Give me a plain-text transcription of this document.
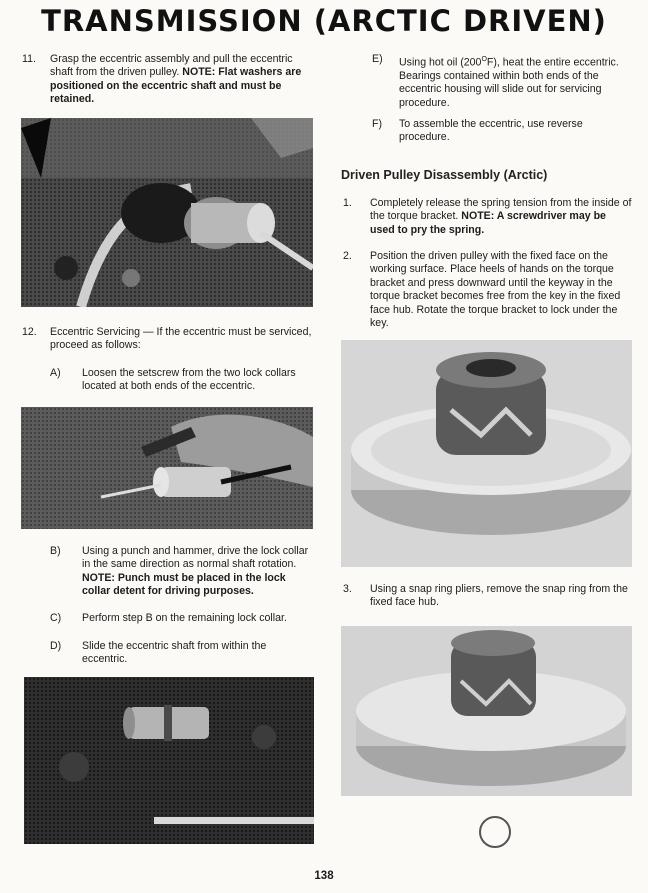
TRANSMISSION (ARCTIC DRIVEN)
11. Grasp the eccentric assembly and pull the eccentric shaft from the driven pulley. NOTE: Flat washers are positioned on the eccentric shaft and must be retained.
12. Eccentric Servicing — If the eccentric must be serviced, proceed as follows:
A) Loosen the setscrew from the two lock collars located at both ends of the eccentric.
B) Using a punch and hammer, drive the lock collar in the same direction as normal shaft rotation. NOTE: Punch must be placed in the lock collar detent for driving purposes.
C) Perform step B on the remaining lock collar.
D) Slide the eccentric shaft from within the eccentric.
E) Using hot oil $(200^OF)$, heat the entire eccentric. Bearings contained within both ends of the eccentric housing will slide out for servicing procedure.
F) To assemble the eccentric, use reverse procedure.
Driven Pulley Disassembly (Arctic)
1. Completely release the spring tension from the inside of the torque bracket. NOTE: A screwdriver may be used to pry the spring.
2. Position the driven pulley with the fixed face on the working surface. Place heels of hands on the torque bracket and press downward until the keyway in the torque bracket becomes free from the key in the fixed face hub. Rotate the torque bracket to lock under the key.
3. Using a snap ring pliers, remove the snap ring from the fixed face hub.
138
